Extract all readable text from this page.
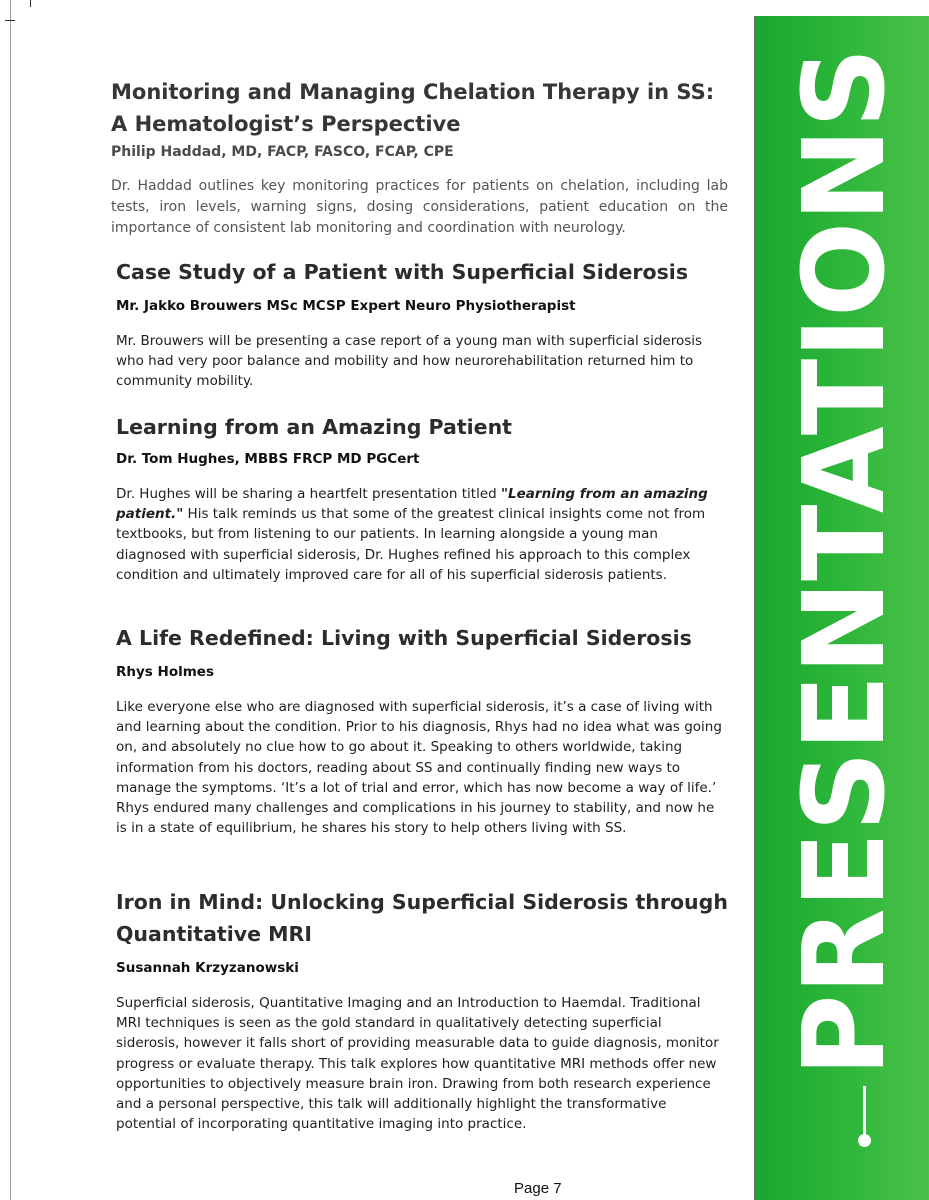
PRESENTATIONS
Monitoring and Managing Chelation Therapy in SS: A Hematologist’s Perspective
Philip Haddad, MD, FACP, FASCO, FCAP, CPE
Dr. Haddad outlines key monitoring practices for patients on chelation, including lab tests, iron levels, warning signs, dosing considerations, patient education on the importance of consistent lab monitoring and coordination with neurology.
Case Study of a Patient with Superficial Siderosis
Mr. Jakko Brouwers MSc MCSP Expert Neuro Physiotherapist
Mr. Brouwers will be presenting a case report of a young man with superficial siderosis who had very poor balance and mobility and how neurorehabilitation returned him to community mobility.
Learning from an Amazing Patient
Dr. Tom Hughes, MBBS FRCP MD PGCert
Dr. Hughes will be sharing a heartfelt presentation titled "Learning from an amazing patient." His talk reminds us that some of the greatest clinical insights come not from textbooks, but from listening to our patients. In learning alongside a young man diagnosed with superficial siderosis, Dr. Hughes refined his approach to this complex condition and ultimately improved care for all of his superficial siderosis patients.
A Life Redefined: Living with Superficial Siderosis
Rhys Holmes
Like everyone else who are diagnosed with superficial siderosis, it’s a case of living with and learning about the condition. Prior to his diagnosis, Rhys had no idea what was going on, and absolutely no clue how to go about it. Speaking to others worldwide, taking information from his doctors, reading about SS and continually finding new ways to manage the symptoms. ‘It’s a lot of trial and error, which has now become a way of life.’ Rhys endured many challenges and complications in his journey to stability, and now he is in a state of equilibrium, he shares his story to help others living with SS.
Iron in Mind: Unlocking Superficial Siderosis through Quantitative MRI
Susannah Krzyzanowski
Superficial siderosis, Quantitative Imaging and an Introduction to Haemdal. Traditional MRI techniques is seen as the gold standard in qualitatively detecting superficial siderosis, however it falls short of providing measurable data to guide diagnosis, monitor progress or evaluate therapy. This talk explores how quantitative MRI methods offer new opportunities to objectively measure brain iron. Drawing from both research experience and a personal perspective, this talk will additionally highlight the transformative potential of incorporating quantitative imaging into practice.
Page 7
